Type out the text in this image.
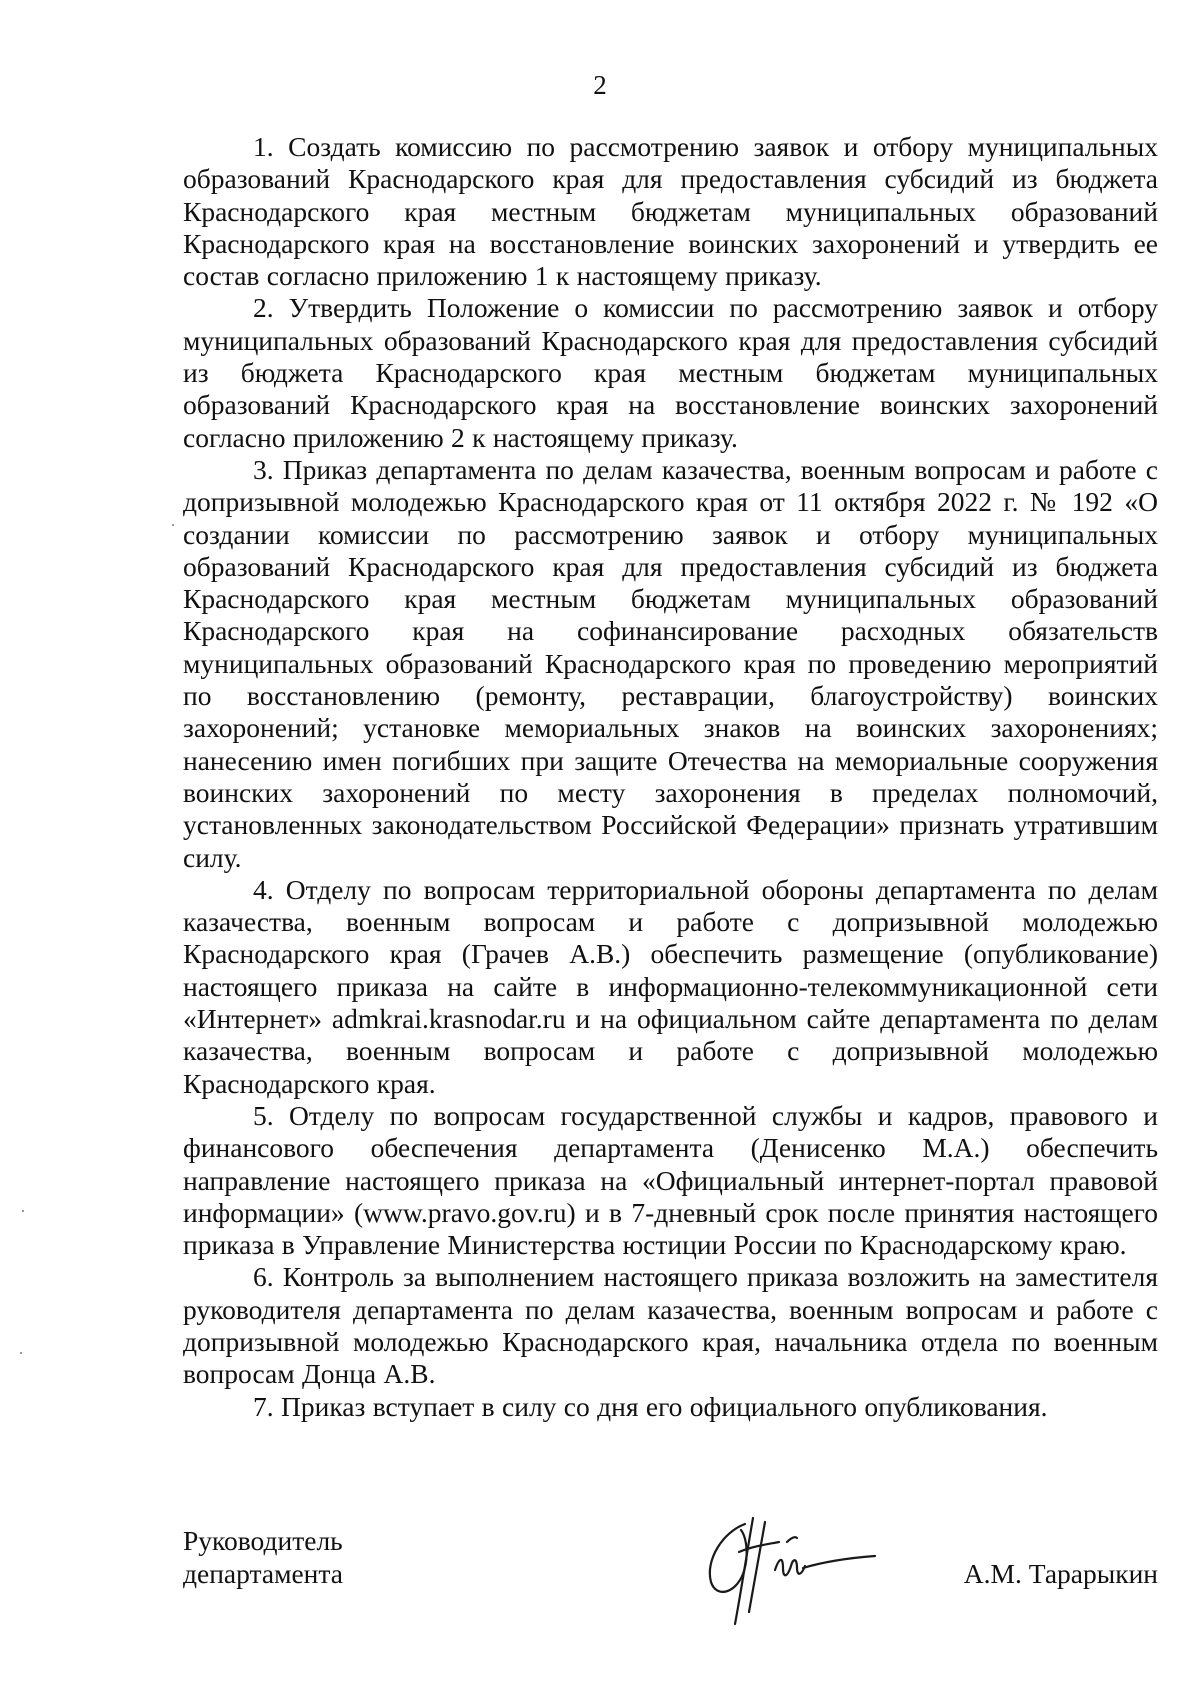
2

1. Создать комиссию по рассмотрению заявок и отбору муниципальных образований Краснодарского края для предоставления субсидий из бюджета Краснодарского края местным бюджетам муниципальных образований Краснодарского края на восстановление воинских захоронений и утвердить ее состав согласно приложению 1 к настоящему приказу.

2. Утвердить Положение о комиссии по рассмотрению заявок и отбору муниципальных образований Краснодарского края для предоставления субсидий из бюджета Краснодарского края местным бюджетам муниципальных образований Краснодарского края на восстановление воинских захоронений согласно приложению 2 к настоящему приказу.

3. Приказ департамента по делам казачества, военным вопросам и работе с допризывной молодежью Краснодарского края от 11 октября 2022 г. № 192 «О создании комиссии по рассмотрению заявок и отбору муниципальных образований Краснодарского края для предоставления субсидий из бюджета Краснодарского края местным бюджетам муниципальных образований Краснодарского края на софинансирование расходных обязательств муниципальных образований Краснодарского края по проведению мероприятий по восстановлению (ремонту, реставрации, благоустройству) воинских захоронений; установке мемориальных знаков на воинских захоронениях; нанесению имен погибших при защите Отечества на мемориальные сооружения воинских захоронений по месту захоронения в пределах полномочий, установленных законодательством Российской Федерации» признать утратившим силу.

4. Отделу по вопросам территориальной обороны департамента по делам казачества, военным вопросам и работе с допризывной молодежью Краснодарского края (Грачев А.В.) обеспечить размещение (опубликование) настоящего приказа на сайте в информационно-телекоммуникационной сети «Интернет» admkrai.krasnodar.ru и на официальном сайте департамента по делам казачества, военным вопросам и работе с допризывной молодежью Краснодарского края.

5. Отделу по вопросам государственной службы и кадров, правового и финансового обеспечения департамента (Денисенко М.А.) обеспечить направление настоящего приказа на «Официальный интернет-портал правовой информации» (www.pravo.gov.ru) и в 7-дневный срок после принятия настоящего приказа в Управление Министерства юстиции России по Краснодарскому краю.

6. Контроль за выполнением настоящего приказа возложить на заместителя руководителя департамента по делам казачества, военным вопросам и работе с допризывной молодежью Краснодарского края, начальника отдела по военным вопросам Донца А.В.

7. Приказ вступает в силу со дня его официального опубликования.

Руководитель
департамента	А.М. Тарарыкин
